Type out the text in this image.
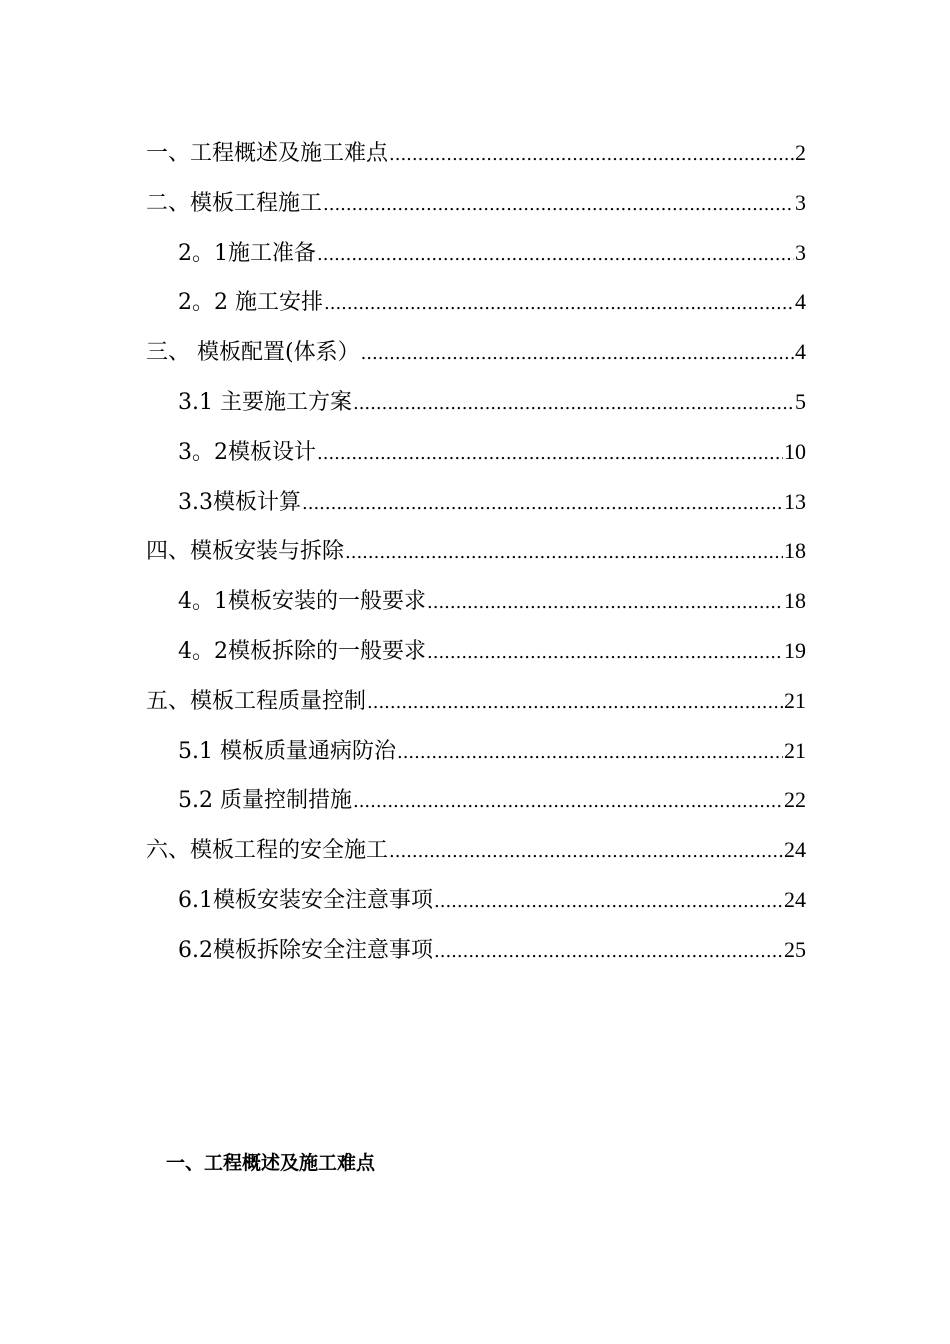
一、工程概述及施工难点 .....	2
二、模板工程施工 .....	3
2。1施工准备 .....	3
2。2 施工安排 .....	4
三、 模板配置(体系） .....	4
3.1 主要施工方案 .....	5
3。2模板设计 .....	10
3.3模板计算 .....	13
四、模板安装与拆除 .....	18
4。1模板安装的一般要求 .....	18
4。2模板拆除的一般要求 .....	19
五、模板工程质量控制 .....	21
5.1 模板质量通病防治 .....	21
5.2 质量控制措施 .....	22
六、模板工程的安全施工 .....	24
6.1模板安装安全注意事项 .....	24
6.2模板拆除安全注意事项 .....	25
一、工程概述及施工难点
